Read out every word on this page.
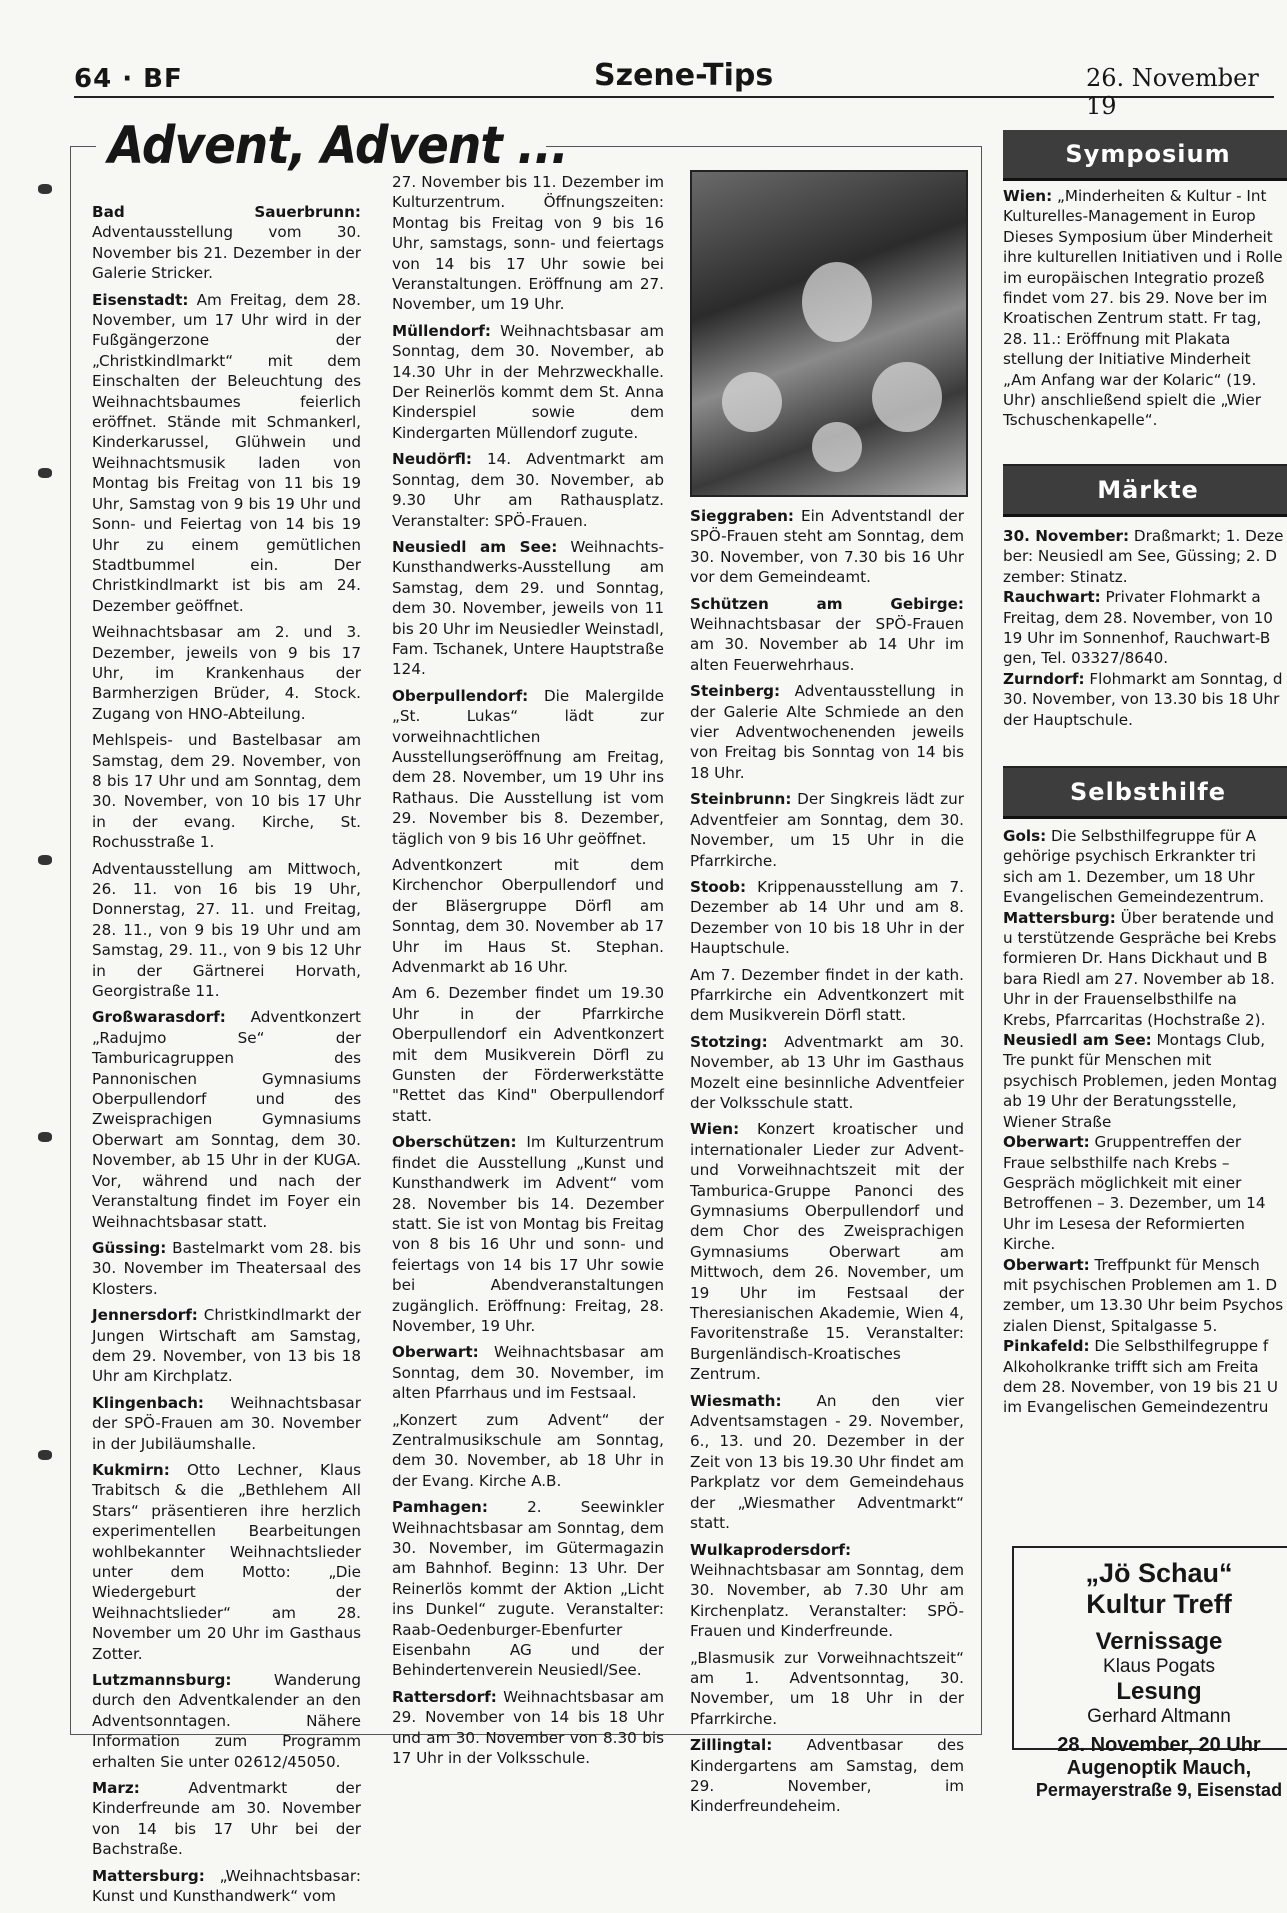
64 · BF	Szene-Tips	26. November 19
Advent, Advent ...

Bad Sauerbrunn: Adventausstellung vom 30. November bis 21. Dezember in der Galerie Stricker.

Eisenstadt: Am Freitag, dem 28. November, um 17 Uhr wird in der Fußgängerzone der „Christkindlmarkt“ mit dem Einschalten der Beleuchtung des Weihnachtsbaumes feierlich eröffnet. Stände mit Schmankerl, Kinderkarussel, Glühwein und Weihnachtsmusik laden von Montag bis Freitag von 11 bis 19 Uhr, Samstag von 9 bis 19 Uhr und Sonn- und Feiertag von 14 bis 19 Uhr zu einem gemütlichen Stadtbummel ein. Der Christkindlmarkt ist bis am 24. Dezember geöffnet.

Weihnachtsbasar am 2. und 3. Dezember, jeweils von 9 bis 17 Uhr, im Krankenhaus der Barmherzigen Brüder, 4. Stock. Zugang von HNO-Abteilung.

Mehlspeis- und Bastelbasar am Samstag, dem 29. November, von 8 bis 17 Uhr und am Sonntag, dem 30. November, von 10 bis 17 Uhr in der evang. Kirche, St. Rochusstraße 1.

Adventausstellung am Mittwoch, 26. 11. von 16 bis 19 Uhr, Donnerstag, 27. 11. und Freitag, 28. 11., von 9 bis 19 Uhr und am Samstag, 29. 11., von 9 bis 12 Uhr in der Gärtnerei Horvath, Georgistraße 11.

Großwarasdorf: Adventkonzert „Radujmo Se“ der Tamburicagruppen des Pannonischen Gymnasiums Oberpullendorf und des Zweisprachigen Gymnasiums Oberwart am Sonntag, dem 30. November, ab 15 Uhr in der KUGA. Vor, während und nach der Veranstaltung findet im Foyer ein Weihnachtsbasar statt.

Güssing: Bastelmarkt vom 28. bis 30. November im Theatersaal des Klosters.

Jennersdorf: Christkindlmarkt der Jungen Wirtschaft am Samstag, dem 29. November, von 13 bis 18 Uhr am Kirchplatz.

Klingenbach: Weihnachtsbasar der SPÖ-Frauen am 30. November in der Jubiläumshalle.

Kukmirn: Otto Lechner, Klaus Trabitsch & die „Bethlehem All Stars“ präsentieren ihre herzlich experimentellen Bearbeitungen wohlbekannter Weihnachtslieder unter dem Motto: „Die Wiedergeburt der Weihnachtslieder“ am 28. November um 20 Uhr im Gasthaus Zotter.

Lutzmannsburg: Wanderung durch den Adventkalender an den Adventsonntagen. Nähere Information zum Programm erhalten Sie unter 02612/45050.

Marz: Adventmarkt der Kinderfreunde am 30. November von 14 bis 17 Uhr bei der Bachstraße.

Mattersburg: „Weihnachtsbasar: Kunst und Kunsthandwerk“ vom

27. November bis 11. Dezember im Kulturzentrum. Öffnungszeiten: Montag bis Freitag von 9 bis 16 Uhr, samstags, sonn- und feiertags von 14 bis 17 Uhr sowie bei Veranstaltungen. Eröffnung am 27. November, um 19 Uhr.

Müllendorf: Weihnachtsbasar am Sonntag, dem 30. November, ab 14.30 Uhr in der Mehrzweckhalle. Der Reinerlös kommt dem St. Anna Kinderspiel sowie dem Kindergarten Müllendorf zugute.

Neudörfl: 14. Adventmarkt am Sonntag, dem 30. November, ab 9.30 Uhr am Rathausplatz. Veranstalter: SPÖ-Frauen.

Neusiedl am See: Weihnachts-Kunsthandwerks-Ausstellung am Samstag, dem 29. und Sonntag, dem 30. November, jeweils von 11 bis 20 Uhr im Neusiedler Weinstadl, Fam. Tschanek, Untere Hauptstraße 124.

Oberpullendorf: Die Malergilde „St. Lukas“ lädt zur vorweihnachtlichen Ausstellungseröffnung am Freitag, dem 28. November, um 19 Uhr ins Rathaus. Die Ausstellung ist vom 29. November bis 8. Dezember, täglich von 9 bis 16 Uhr geöffnet.

Adventkonzert mit dem Kirchenchor Oberpullendorf und der Bläsergruppe Dörfl am Sonntag, dem 30. November ab 17 Uhr im Haus St. Stephan. Advenmarkt ab 16 Uhr.

Am 6. Dezember findet um 19.30 Uhr in der Pfarrkirche Oberpullendorf ein Adventkonzert mit dem Musikverein Dörfl zu Gunsten der Förderwerkstätte "Rettet das Kind" Oberpullendorf statt.

Oberschützen: Im Kulturzentrum findet die Ausstellung „Kunst und Kunsthandwerk im Advent“ vom 28. November bis 14. Dezember statt. Sie ist von Montag bis Freitag von 8 bis 16 Uhr und sonn- und feiertags von 14 bis 17 Uhr sowie bei Abendveranstaltungen zugänglich. Eröffnung: Freitag, 28. November, 19 Uhr.

Oberwart: Weihnachtsbasar am Sonntag, dem 30. November, im alten Pfarrhaus und im Festsaal.

„Konzert zum Advent“ der Zentralmusikschule am Sonntag, dem 30. November, ab 18 Uhr in der Evang. Kirche A.B.

Pamhagen: 2. Seewinkler Weihnachtsbasar am Sonntag, dem 30. November, im Gütermagazin am Bahnhof. Beginn: 13 Uhr. Der Reinerlös kommt der Aktion „Licht ins Dunkel“ zugute. Veranstalter: Raab-Oedenburger-Ebenfurter Eisenbahn AG und der Behindertenverein Neusiedl/See.

Rattersdorf: Weihnachtsbasar am 29. November von 14 bis 18 Uhr und am 30. November von 8.30 bis 17 Uhr in der Volksschule.

Sieggraben: Ein Adventstandl der SPÖ-Frauen steht am Sonntag, dem 30. November, von 7.30 bis 16 Uhr vor dem Gemeindeamt.

Schützen am Gebirge: Weihnachtsbasar der SPÖ-Frauen am 30. November ab 14 Uhr im alten Feuerwehrhaus.

Steinberg: Adventausstellung in der Galerie Alte Schmiede an den vier Adventwochenenden jeweils von Freitag bis Sonntag von 14 bis 18 Uhr.

Steinbrunn: Der Singkreis lädt zur Adventfeier am Sonntag, dem 30. November, um 15 Uhr in die Pfarrkirche.

Stoob: Krippenausstellung am 7. Dezember ab 14 Uhr und am 8. Dezember von 10 bis 18 Uhr in der Hauptschule.

Am 7. Dezember findet in der kath. Pfarrkirche ein Adventkonzert mit dem Musikverein Dörfl statt.

Stotzing: Adventmarkt am 30. November, ab 13 Uhr im Gasthaus Mozelt eine besinnliche Adventfeier der Volksschule statt.

Wien: Konzert kroatischer und internationaler Lieder zur Advent- und Vorweihnachtszeit mit der Tamburica-Gruppe Panonci des Gymnasiums Oberpullendorf und dem Chor des Zweisprachigen Gymnasiums Oberwart am Mittwoch, dem 26. November, um 19 Uhr im Festsaal der Theresianischen Akademie, Wien 4, Favoritenstraße 15. Veranstalter: Burgenländisch-Kroatisches Zentrum.

Wiesmath: An den vier Adventsamstagen - 29. November, 6., 13. und 20. Dezember in der Zeit von 13 bis 19.30 Uhr findet am Parkplatz vor dem Gemeindehaus der „Wiesmather Adventmarkt“ statt.

Wulkaprodersdorf: Weihnachtsbasar am Sonntag, dem 30. November, ab 7.30 Uhr am Kirchenplatz. Veranstalter: SPÖ-Frauen und Kinderfreunde.

„Blasmusik zur Vorweihnachtszeit“ am 1. Adventsonntag, 30. November, um 18 Uhr in der Pfarrkirche.

Zillingtal: Adventbasar des Kindergartens am Samstag, dem 29. November, im Kinderfreundeheim.

Symposium

Wien: „Minderheiten & Kultur - Int Kulturelles-Management in Europ Dieses Symposium über Minderheit ihre kulturellen Initiativen und i Rolle im europäischen Integratio prozeß findet vom 27. bis 29. Nove ber im Kroatischen Zentrum statt. Fr tag, 28. 11.: Eröffnung mit Plakata stellung der Initiative Minderheit „Am Anfang war der Kolaric“ (19. Uhr) anschließend spielt die „Wier Tschuschenkapelle“.

Märkte

30. November: Draßmarkt; 1. Deze ber: Neusiedl am See, Güssing; 2. D zember: Stinatz.

Rauchwart: Privater Flohmarkt a Freitag, dem 28. November, von 10 19 Uhr im Sonnenhof, Rauchwart-B gen, Tel. 03327/8640.

Zurndorf: Flohmarkt am Sonntag, d 30. November, von 13.30 bis 18 Uhr der Hauptschule.

Selbsthilfe

Gols: Die Selbsthilfegruppe für A gehörige psychisch Erkrankter tri sich am 1. Dezember, um 18 Uhr Evangelischen Gemeindezentrum.

Mattersburg: Über beratende und u terstützende Gespräche bei Krebs formieren Dr. Hans Dickhaut und B bara Riedl am 27. November ab 18. Uhr in der Frauenselbsthilfe na Krebs, Pfarrcaritas (Hochstraße 2).

Neusiedl am See: Montags Club, Tre punkt für Menschen mit psychisch Problemen, jeden Montag ab 19 Uhr der Beratungsstelle, Wiener Straße

Oberwart: Gruppentreffen der Fraue selbsthilfe nach Krebs – Gespräch möglichkeit mit einer Betroffenen – 3. Dezember, um 14 Uhr im Lesesa der Reformierten Kirche.

Oberwart: Treffpunkt für Mensch mit psychischen Problemen am 1. D zember, um 13.30 Uhr beim Psychos zialen Dienst, Spitalgasse 5.

Pinkafeld: Die Selbsthilfegruppe f Alkoholkranke trifft sich am Freita dem 28. November, von 19 bis 21 U im Evangelischen Gemeindezentru

„Jö Schau“
Kultur Treff
Vernissage
Klaus Pogats
Lesung
Gerhard Altmann
28. November, 20 Uhr
Augenoptik Mauch,
Permayerstraße 9, Eisenstad
